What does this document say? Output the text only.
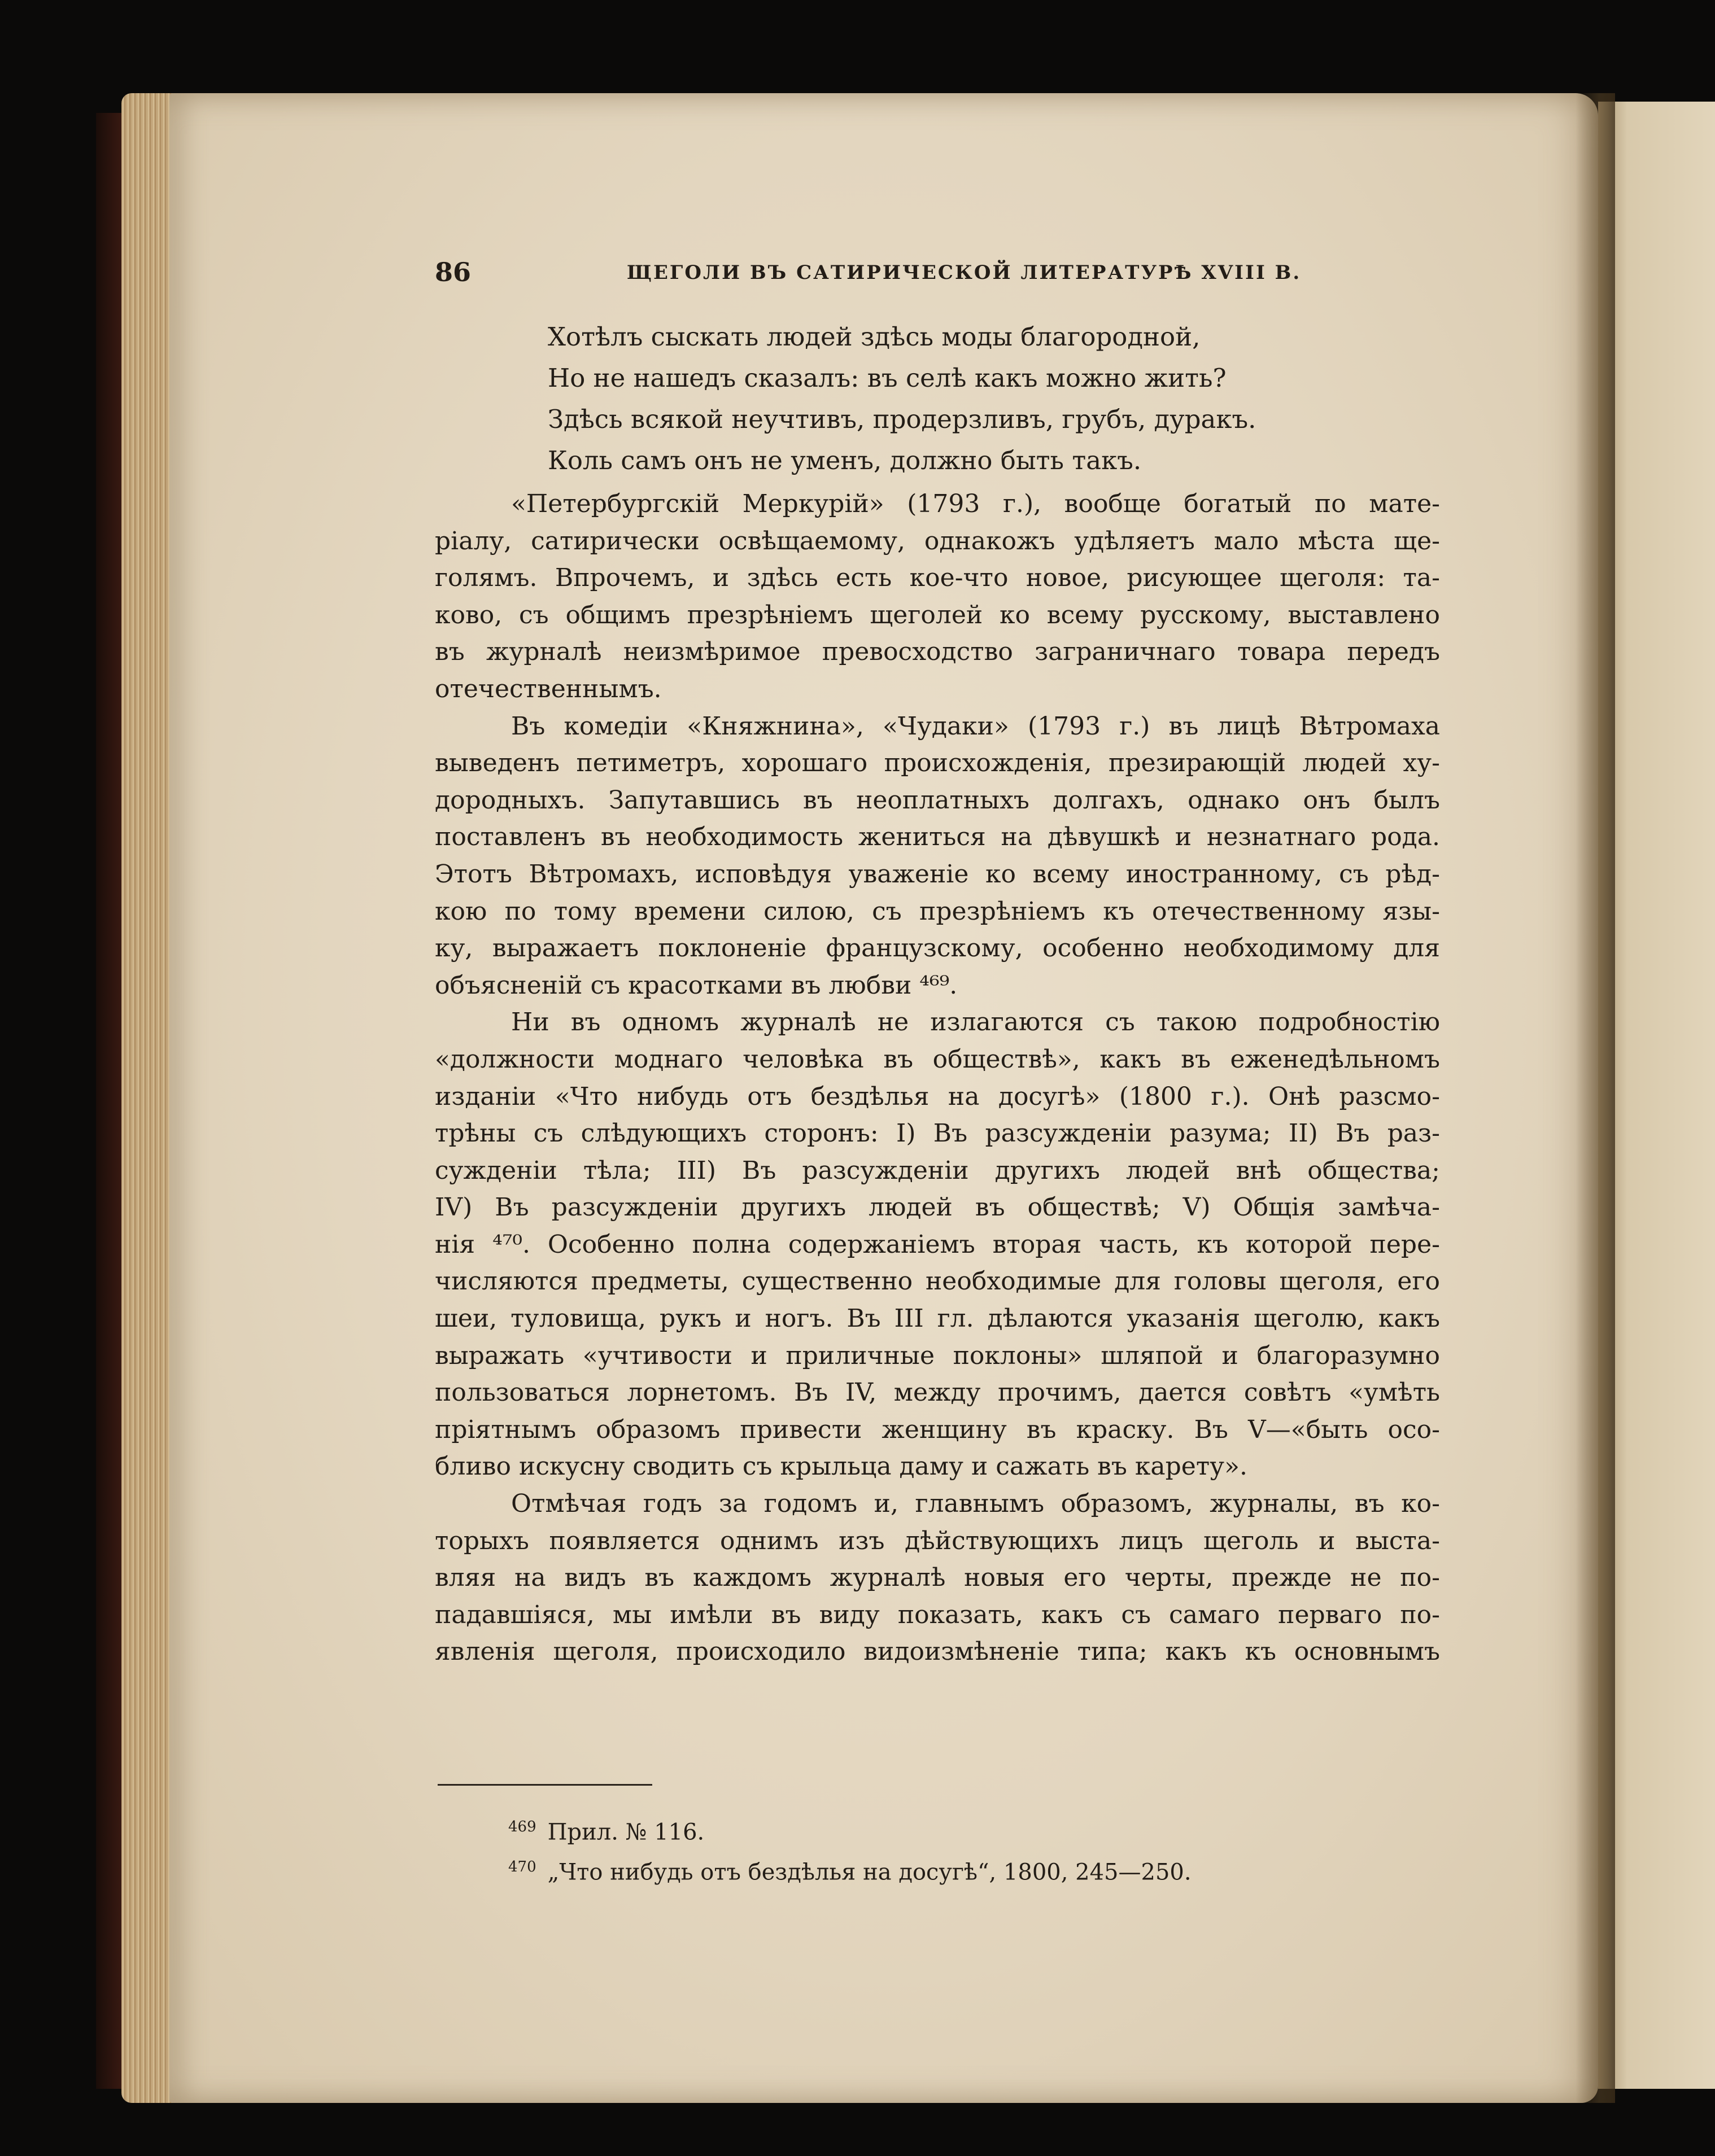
86	ЩЕГОЛИ ВЪ САТИРИЧЕСКОЙ ЛИТЕРАТУРѢ XVIII В.
Хотѣлъ сыскать людей здѣсь моды благородной,
Но не нашедъ сказалъ: въ селѣ какъ можно жить?
Здѣсь всякой неучтивъ, продерзливъ, грубъ, дуракъ.
Коль самъ онъ не уменъ, должно быть такъ.
«Петербургскій Меркурій» (1793 г.), вообще богатый по мате-
ріалу, сатирически освѣщаемому, однакожъ удѣляетъ мало мѣста ще-
голямъ. Впрочемъ, и здѣсь есть кое-что новое, рисующее щеголя: та-
ково, съ общимъ презрѣніемъ щеголей ко всему русскому, выставлено
въ журналѣ неизмѣримое превосходство заграничнаго товара передъ
отечественнымъ.
Въ комедіи «Княжнина», «Чудаки» (1793 г.) въ лицѣ Вѣтромаха
выведенъ петиметръ, хорошаго происхожденія, презирающій людей ху-
дородныхъ. Запутавшись въ неоплатныхъ долгахъ, однако онъ былъ
поставленъ въ необходимость жениться на дѣвушкѣ и незнатнаго рода.
Этотъ Вѣтромахъ, исповѣдуя уваженіе ко всему иностранному, съ рѣд-
кою по тому времени силою, съ презрѣніемъ къ отечественному язы-
ку, выражаетъ поклоненіе французскому, особенно необходимому для
объясненій съ красотками въ любви ⁴⁶⁹.
Ни въ одномъ журналѣ не излагаются съ такою подробностію
«должности моднаго человѣка въ обществѣ», какъ въ еженедѣльномъ
изданіи «Что нибудь отъ бездѣлья на досугѣ» (1800 г.). Онѣ разсмо-
трѣны съ слѣдующихъ сторонъ: I) Въ разсужденіи разума; II) Въ раз-
сужденіи тѣла; III) Въ разсужденіи другихъ людей внѣ общества;
IV) Въ разсужденіи другихъ людей въ обществѣ; V) Общія замѣча-
нія ⁴⁷⁰. Особенно полна содержаніемъ вторая часть, къ которой пере-
числяются предметы, существенно необходимые для головы щеголя, его
шеи, туловища, рукъ и ногъ. Въ III гл. дѣлаются указанія щеголю, какъ
выражать «учтивости и приличные поклоны» шляпой и благоразумно
пользоваться лорнетомъ. Въ IV, между прочимъ, дается совѣтъ «умѣть
пріятнымъ образомъ привести женщину въ краску. Въ V—«быть осо-
бливо искусну сводить съ крыльца даму и сажать въ карету».
Отмѣчая годъ за годомъ и, главнымъ образомъ, журналы, въ ко-
торыхъ появляется однимъ изъ дѣйствующихъ лицъ щеголь и выста-
вляя на видъ въ каждомъ журналѣ новыя его черты, прежде не по-
падавшіяся, мы имѣли въ виду показать, какъ съ самаго перваго по-
явленія щеголя, происходило видоизмѣненіе типа; какъ къ основнымъ
$^{469}$ Прил. № 116.
$^{470}$ „Что нибудь отъ бездѣлья на досугѣ“, 1800, 245—250.
